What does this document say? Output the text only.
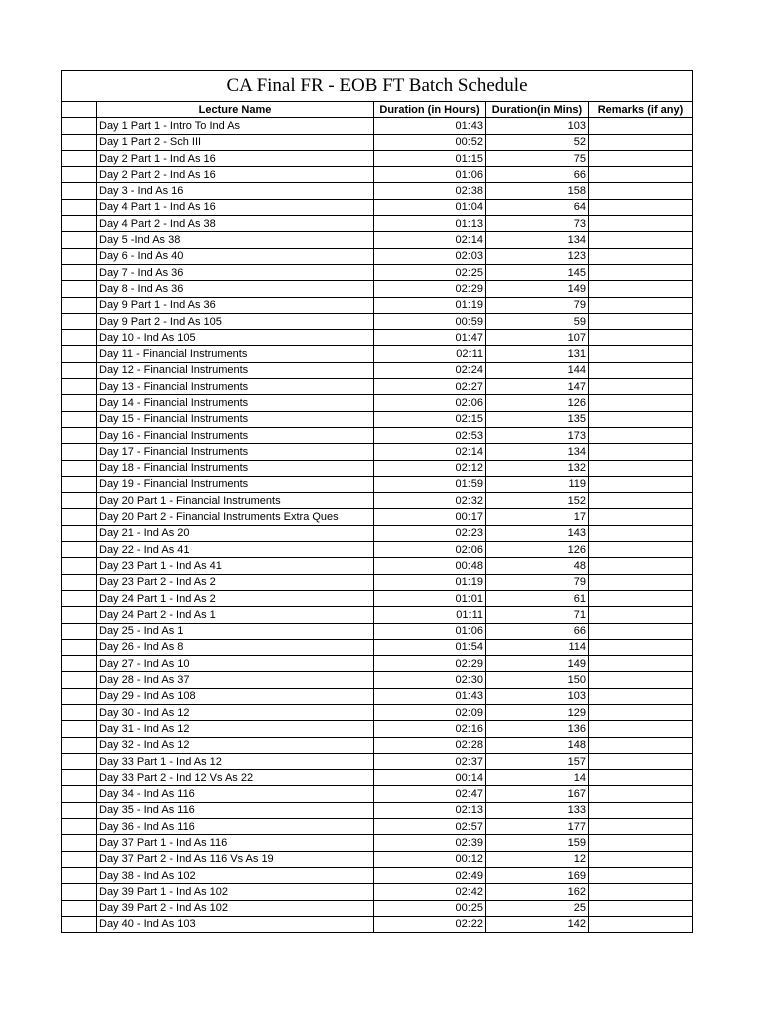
CA Final FR - EOB FT Batch Schedule				
	Lecture Name	Duration (in Hours)	Duration(in Mins)	Remarks (if any)
	Day 1 Part 1 - Intro To Ind As	01:43	103	
	Day 1 Part 2 - Sch III	00:52	52	
	Day 2 Part 1 - Ind As 16	01:15	75	
	Day 2 Part 2 - Ind As 16	01:06	66	
	Day 3 - Ind As 16	02:38	158	
	Day 4 Part 1 - Ind As 16	01:04	64	
	Day 4 Part 2 - Ind As 38	01:13	73	
	Day 5 -Ind As 38	02:14	134	
	Day 6 - Ind As 40	02:03	123	
	Day 7 - Ind As 36	02:25	145	
	Day 8 - Ind As 36	02:29	149	
	Day 9 Part 1 - Ind As 36	01:19	79	
	Day 9 Part 2 - Ind As 105	00:59	59	
	Day 10 - Ind As 105	01:47	107	
	Day 11 - Financial Instruments	02:11	131	
	Day 12 - Financial Instruments	02:24	144	
	Day 13 - Financial Instruments	02:27	147	
	Day 14 - Financial Instruments	02:06	126	
	Day 15 - Financial Instruments	02:15	135	
	Day 16 - Financial Instruments	02:53	173	
	Day 17 - Financial Instruments	02:14	134	
	Day 18 - Financial Instruments	02:12	132	
	Day 19 - Financial Instruments	01:59	119	
	Day 20 Part 1 - Financial Instruments	02:32	152	
	Day 20 Part 2 - Financial Instruments Extra Ques	00:17	17	
	Day 21 - Ind As 20	02:23	143	
	Day 22 - Ind As 41	02:06	126	
	Day 23 Part 1 - Ind As 41	00:48	48	
	Day 23 Part 2 - Ind As 2	01:19	79	
	Day 24 Part 1 - Ind As 2	01:01	61	
	Day 24 Part 2 - Ind As 1	01:11	71	
	Day 25 - Ind As 1	01:06	66	
	Day 26 - Ind As 8	01:54	114	
	Day 27 - Ind As 10	02:29	149	
	Day 28 - Ind As 37	02:30	150	
	Day 29 - Ind As 108	01:43	103	
	Day 30 - Ind As 12	02:09	129	
	Day 31 - Ind As 12	02:16	136	
	Day 32 - Ind As 12	02:28	148	
	Day 33 Part 1 - Ind As 12	02:37	157	
	Day 33 Part 2 - Ind 12 Vs As 22	00:14	14	
	Day 34 - Ind As 116	02:47	167	
	Day 35 - Ind As 116	02:13	133	
	Day 36 - Ind As 116	02:57	177	
	Day 37 Part 1 - Ind As 116	02:39	159	
	Day 37 Part 2 - Ind As 116 Vs As 19	00:12	12	
	Day 38 - Ind As 102	02:49	169	
	Day 39 Part 1 - Ind As 102	02:42	162	
	Day 39 Part 2 - Ind As 102	00:25	25	
	Day 40 - Ind As 103	02:22	142	
